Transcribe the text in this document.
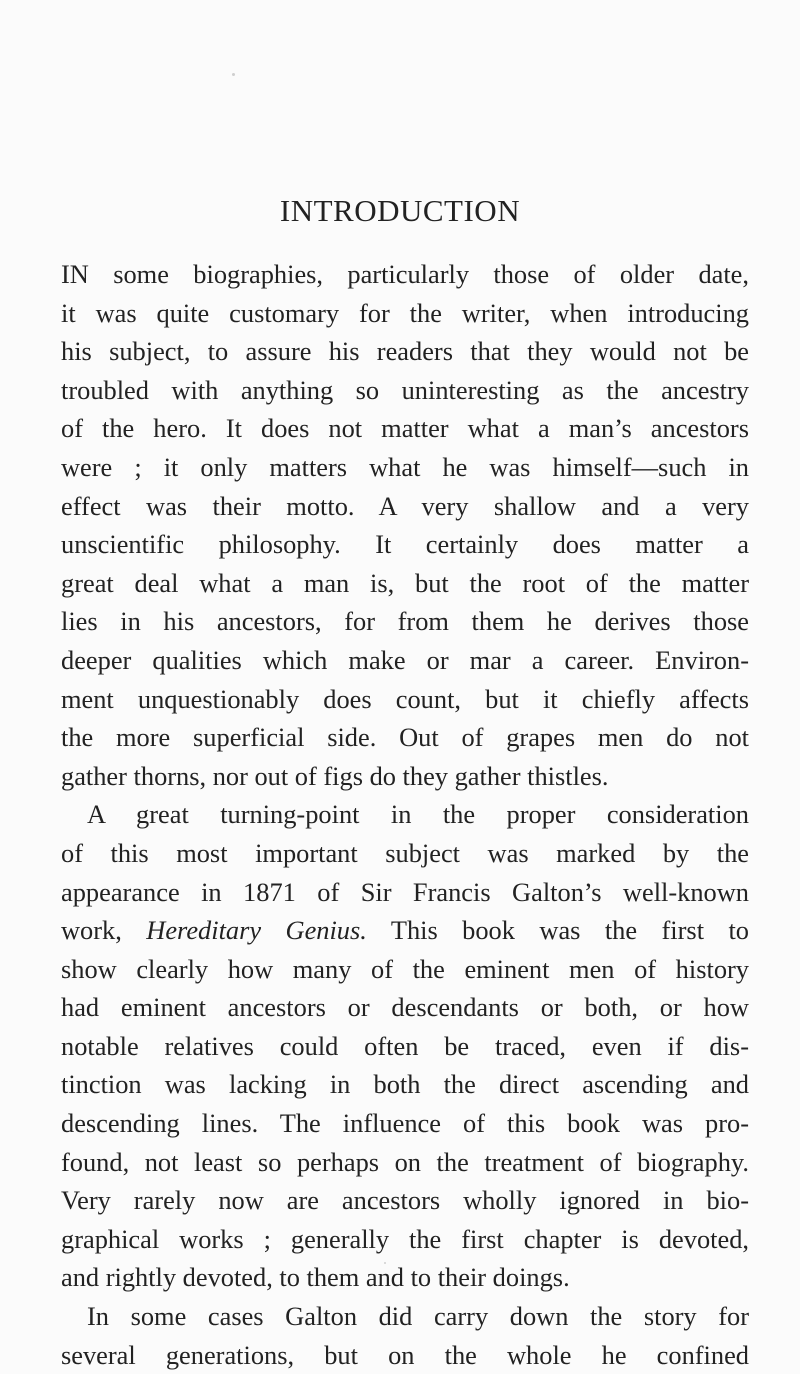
INTRODUCTION
IN some biographies, particularly those of older date,
it was quite customary for the writer, when introducing
his subject, to assure his readers that they would not be
troubled with anything so uninteresting as the ancestry
of the hero. It does not matter what a man’s ancestors
were ; it only matters what he was himself—such in
effect was their motto. A very shallow and a very
unscientific philosophy. It certainly does matter a
great deal what a man is, but the root of the matter
lies in his ancestors, for from them he derives those
deeper qualities which make or mar a career. Environ-
ment unquestionably does count, but it chiefly affects
the more superficial side. Out of grapes men do not
gather thorns, nor out of figs do they gather thistles.
A great turning-point in the proper consideration
of this most important subject was marked by the
appearance in 1871 of Sir Francis Galton’s well-known
work, Hereditary Genius. This book was the first to
show clearly how many of the eminent men of history
had eminent ancestors or descendants or both, or how
notable relatives could often be traced, even if dis-
tinction was lacking in both the direct ascending and
descending lines. The influence of this book was pro-
found, not least so perhaps on the treatment of biography.
Very rarely now are ancestors wholly ignored in bio-
graphical works ; generally the first chapter is devoted,
and rightly devoted, to them and to their doings.
In some cases Galton did carry down the story for
several generations, but on the whole he confined
